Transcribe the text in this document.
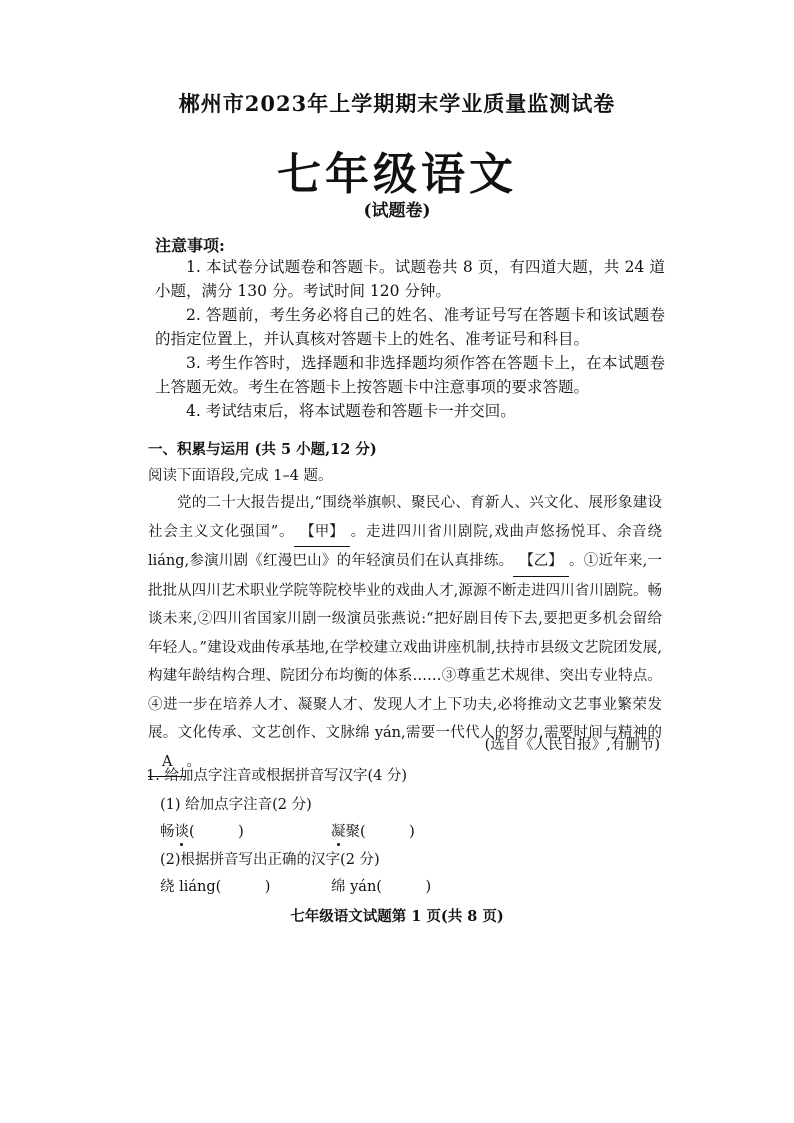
郴州市2023年上学期期末学业质量监测试卷
七年级语文
(试题卷)
注意事项:

1. 本试卷分试题卷和答题卡。试题卷共 8 页，有四道大题，共 24 道小题，满分 130 分。考试时间 120 分钟。

2. 答题前，考生务必将自己的姓名、准考证号写在答题卡和该试题卷的指定位置上，并认真核对答题卡上的姓名、准考证号和科目。

3. 考生作答时，选择题和非选择题均须作答在答题卡上，在本试题卷上答题无效。考生在答题卡上按答题卡中注意事项的要求答题。

4. 考试结束后，将本试题卷和答题卡一并交回。

一、积累与运用 (共 5 小题,12 分)
阅读下面语段,完成 1–4 题。

党的二十大报告提出,“围绕举旗帜、聚民心、育新人、兴文化、展形象建设社会主义文化强国”。 【甲】 。走进四川省川剧院,戏曲声悠扬悦耳、余音绕 liáng,参演川剧《红漫巴山》的年轻演员们在认真排练。 【乙】 。①近年来,一批批从四川艺术职业学院等院校毕业的戏曲人才,源源不断走进四川省川剧院。畅谈未来,②四川省国家川剧一级演员张燕说:“把好剧目传下去,要把更多机会留给年轻人。”建设戏曲传承基地,在学校建立戏曲讲座机制,扶持市县级文艺院团发展,构建年龄结构合理、院团分布均衡的体系……③尊重艺术规律、突出专业特点。④进一步在培养人才、凝聚人才、发现人才上下功夫,必将推动文艺事业繁荣发展。文化传承、文艺创作、文脉绵 yán,需要一代代人的努力,需要时间与精神的A 。

(选自《人民日报》,有删节)
1. 给加点字注音或根据拼音写汉字(4 分)
(1) 给加点字注音(2 分)
畅谈(　　　)	凝聚(　　　)
(2)根据拼音写出正确的汉字(2 分)
绕 liáng(　　　)	绵 yán(　　　)
七年级语文试题第 1 页(共 8 页)
